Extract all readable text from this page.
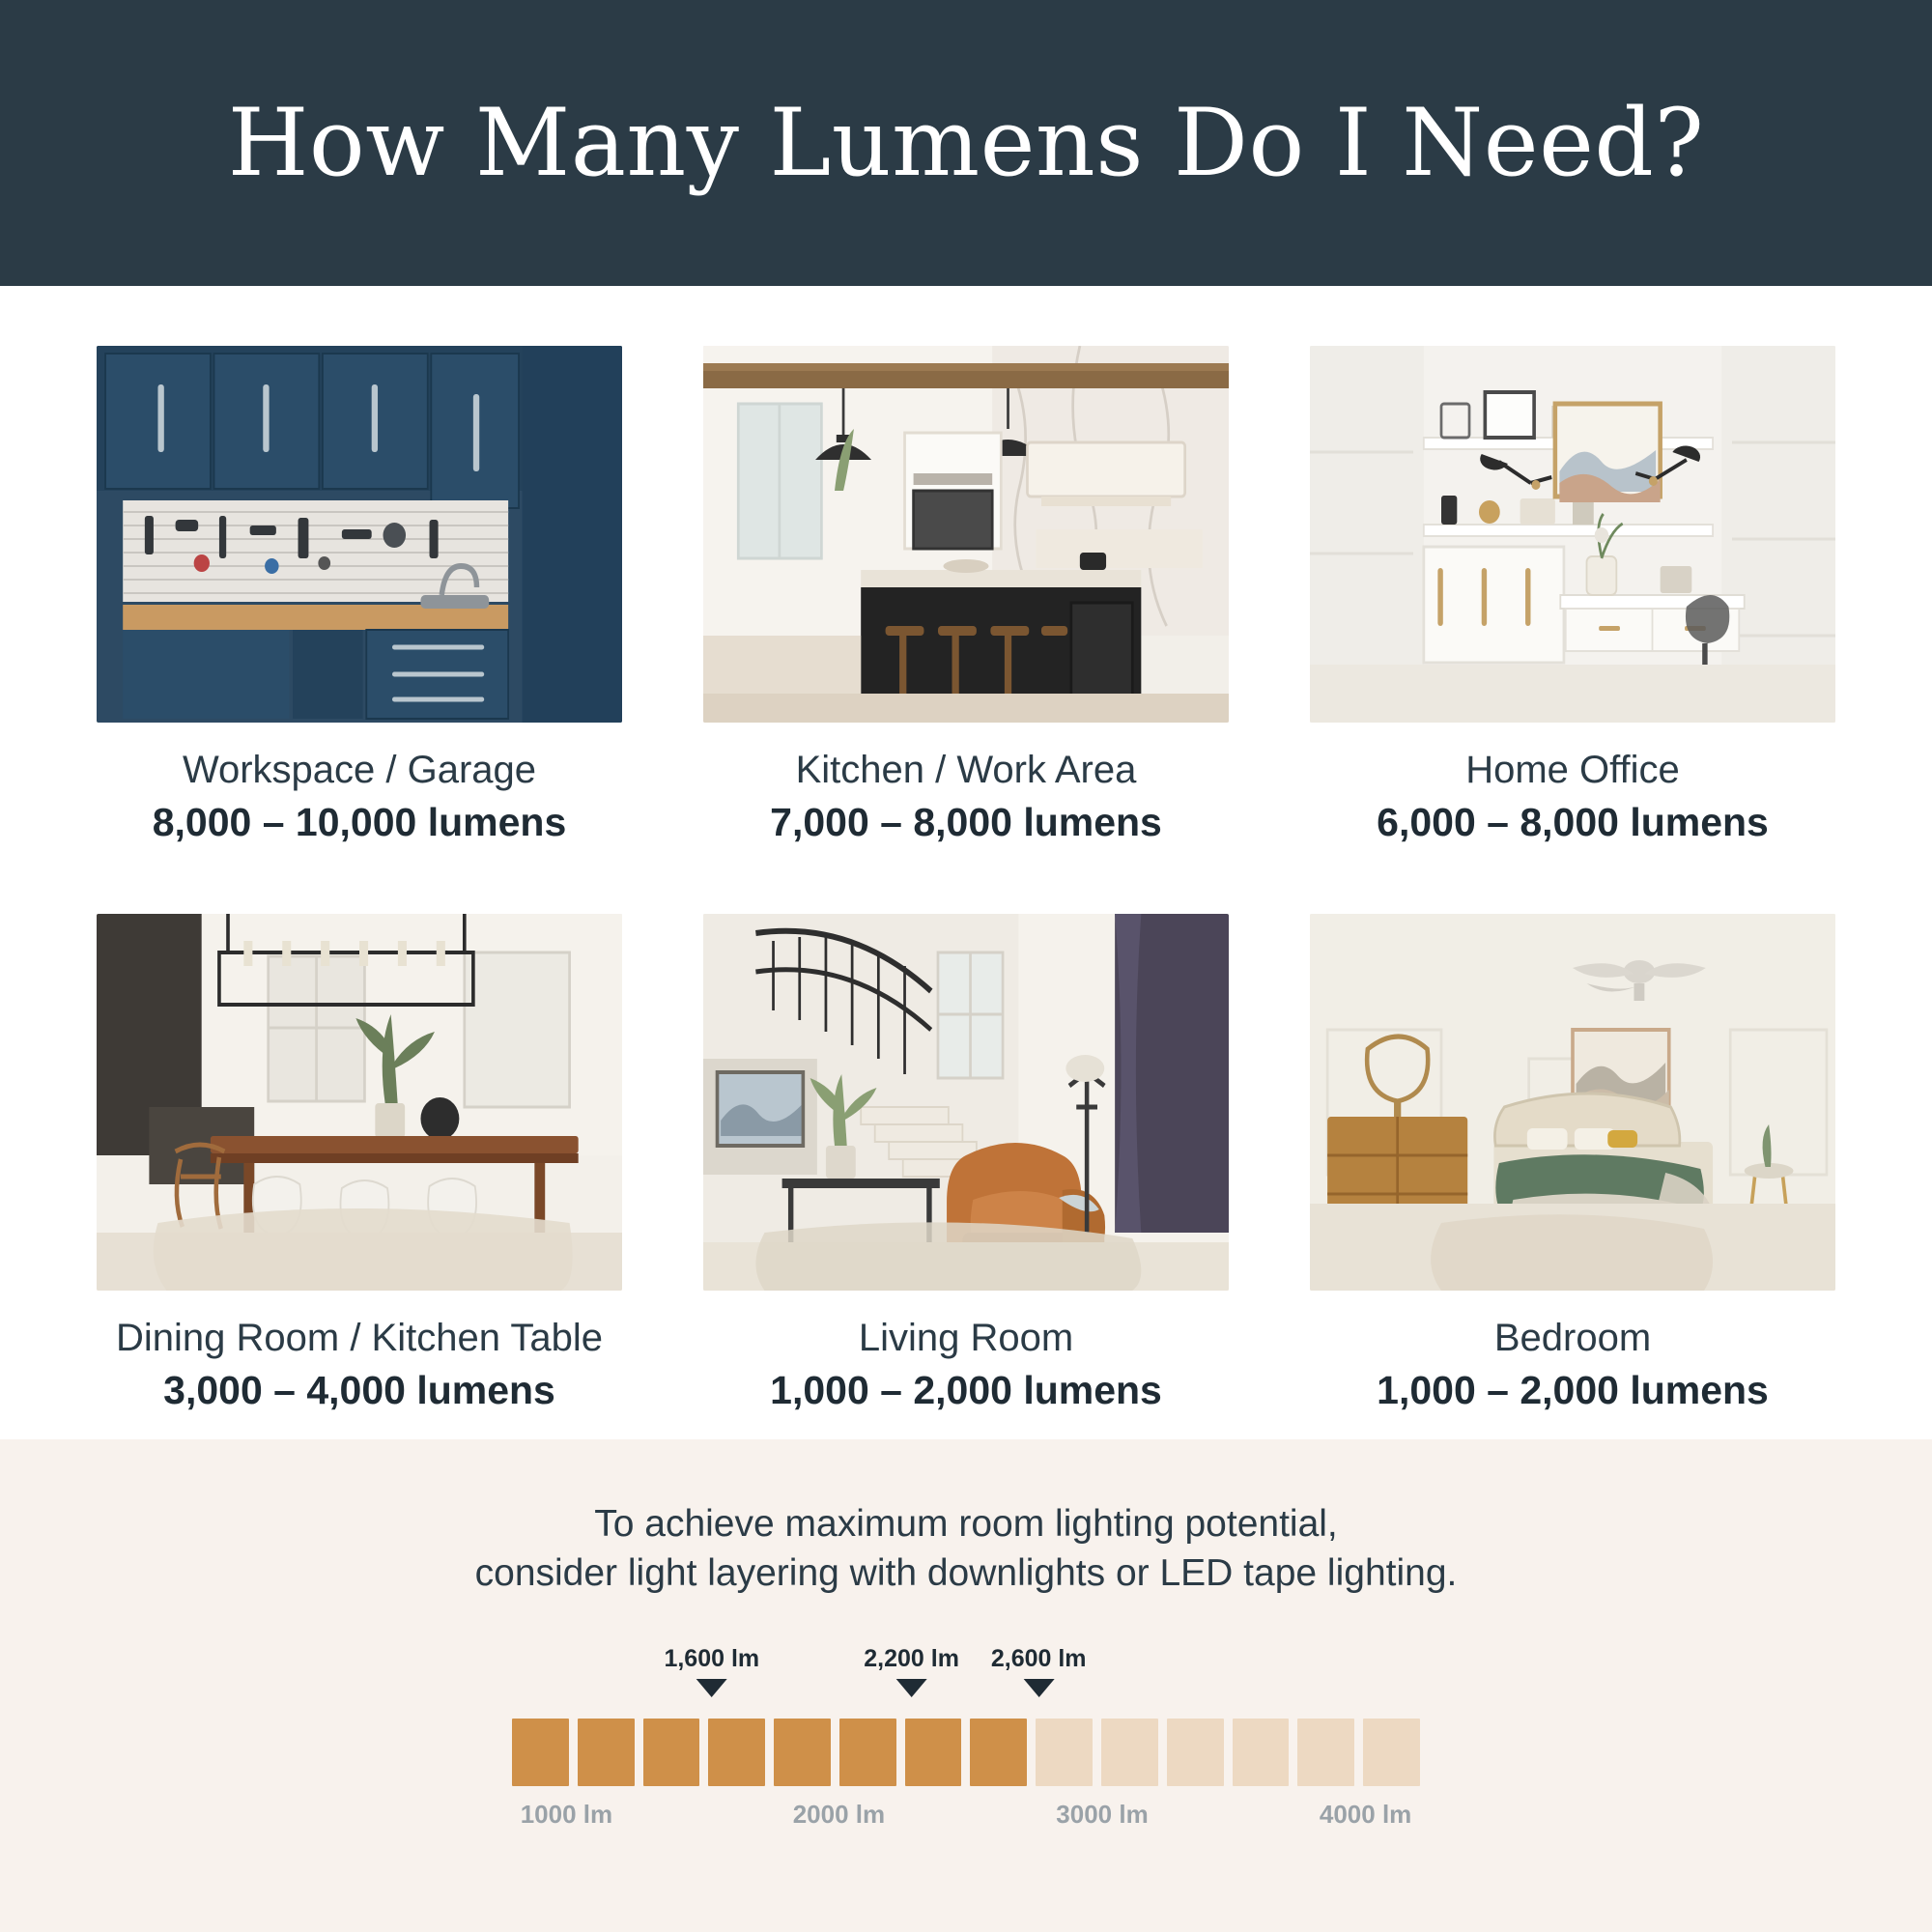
How Many Lumens Do I Need?
Workspace / Garage
8,000 – 10,000 lumens
Kitchen / Work Area
7,000 – 8,000 lumens
Home Office
6,000 – 8,000 lumens
Dining Room / Kitchen Table
3,000 – 4,000 lumens
Living Room
1,000 – 2,000 lumens
Bedroom
1,000 – 2,000 lumens
To achieve maximum room lighting potential,
consider light layering with downlights or LED tape lighting.
1,600 lm	2,200 lm 2,600 lm
1000 lm	2000 lm	3000 lm	4000 lm
